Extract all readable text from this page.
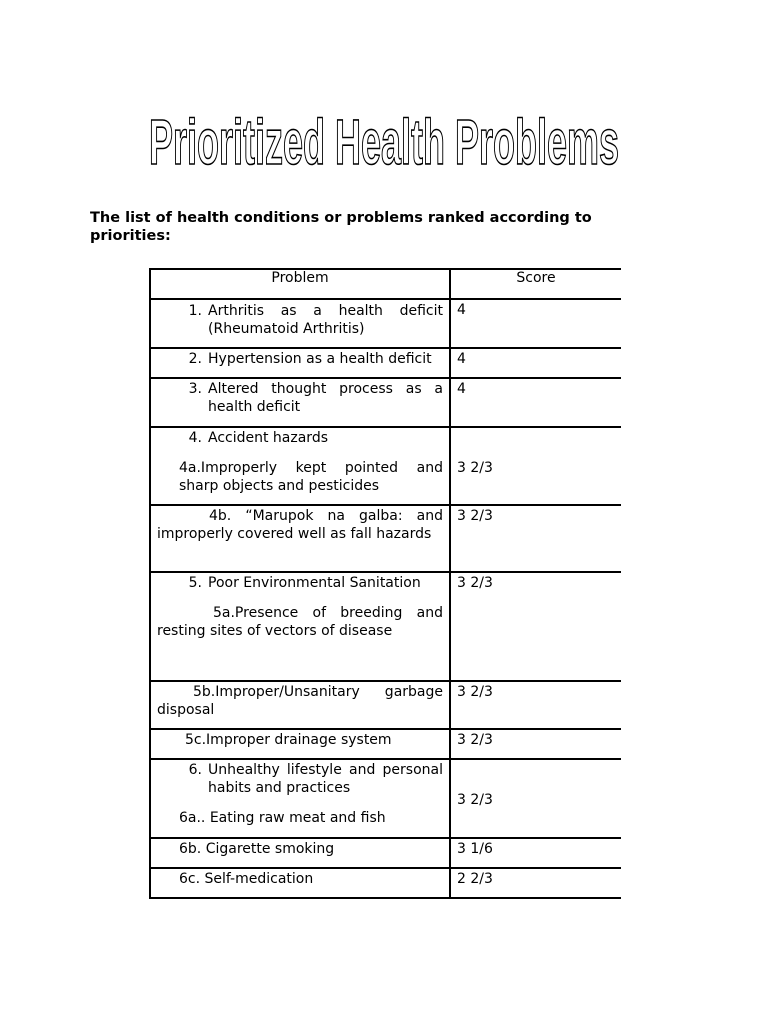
Prioritized Health Problems
The list of health conditions or problems ranked according to priorities:
Problem	Score

1. Arthritis as a health deficit (Rheumatoid Arthritis)	4

2. Hypertension as a health deficit	4

3. Altered thought process as a health deficit	4

4. Accident hazards
4a.Improperly kept pointed and sharp objects and pesticides	3 2/3

4b. “Marupok na galba: and improperly covered well as fall hazards	3 2/3

5. Poor Environmental Sanitation
5a.Presence of breeding and resting sites of vectors of disease	3 2/3

5b.Improper/Unsanitary garbage disposal	3 2/3

5c.Improper drainage system	3 2/3

6. Unhealthy lifestyle and personal habits and practices
6a.. Eating raw meat and fish	3 2/3

6b. Cigarette smoking	3 1/6

6c. Self-medication	2 2/3
